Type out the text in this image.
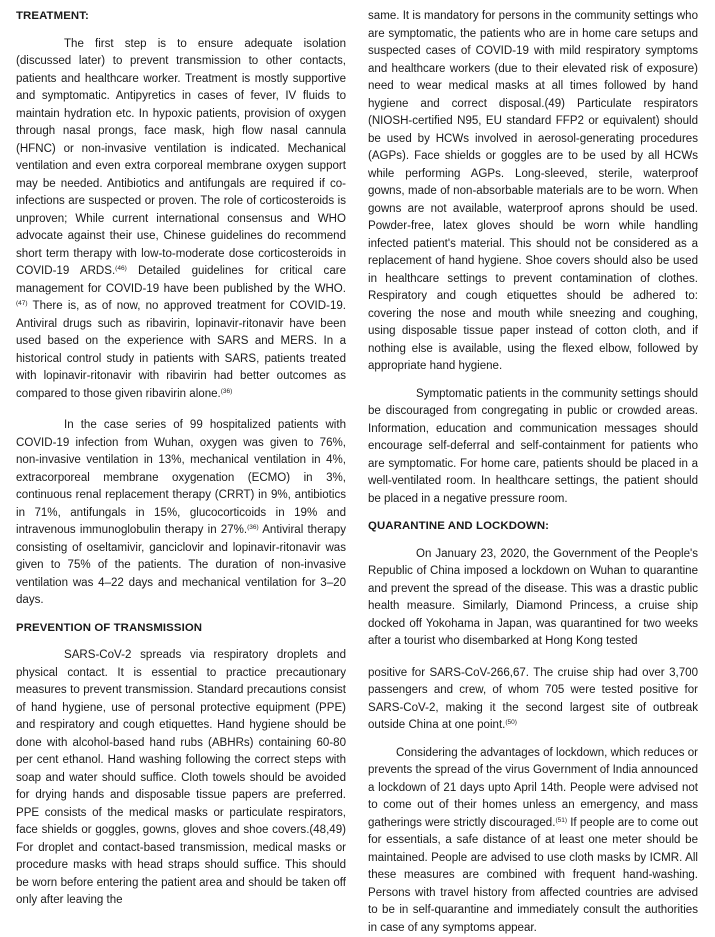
TREATMENT:

The first step is to ensure adequate isolation (discussed later) to prevent transmission to other contacts, patients and healthcare worker. Treatment is mostly supportive and symptomatic. Antipyretics in cases of fever, IV fluids to maintain hydration etc. In hypoxic patients, provision of oxygen through nasal prongs, face mask, high flow nasal cannula (HFNC) or non-invasive ventilation is indicated. Mechanical ventilation and even extra corporeal membrane oxygen support may be needed. Antibiotics and antifungals are required if co-infections are suspected or proven. The role of corticosteroids is unproven; While current international consensus and WHO advocate against their use, Chinese guidelines do recommend short term therapy with low-to-moderate dose corticosteroids in COVID-19 ARDS.$^{(46)}$ Detailed guidelines for critical care management for COVID-19 have been published by the WHO.$^{(47)}$ There is, as of now, no approved treatment for COVID-19. Antiviral drugs such as ribavirin, lopinavir-ritonavir have been used based on the experience with SARS and MERS. In a historical control study in patients with SARS, patients treated with lopinavir-ritonavir with ribavirin had better outcomes as compared to those given ribavirin alone.$^{(36)}$

In the case series of 99 hospitalized patients with COVID-19 infection from Wuhan, oxygen was given to 76%, non-invasive ventilation in 13%, mechanical ventilation in 4%, extracorporeal membrane oxygenation (ECMO) in 3%, continuous renal replacement therapy (CRRT) in 9%, antibiotics in 71%, antifungals in 15%, glucocorticoids in 19% and intravenous immunoglobulin therapy in 27%.$^{(36)}$ Antiviral therapy consisting of oseltamivir, ganciclovir and lopinavir-ritonavir was given to 75% of the patients. The duration of non-invasive ventilation was 4–22 days and mechanical ventilation for 3–20 days.

PREVENTION OF TRANSMISSION

SARS-CoV-2 spreads via respiratory droplets and physical contact. It is essential to practice precautionary measures to prevent transmission. Standard precautions consist of hand hygiene, use of personal protective equipment (PPE) and respiratory and cough etiquettes. Hand hygiene should be done with alcohol-based hand rubs (ABHRs) containing 60-80 per cent ethanol. Hand washing following the correct steps with soap and water should suffice. Cloth towels should be avoided for drying hands and disposable tissue papers are preferred. PPE consists of the medical masks or particulate respirators, face shields or goggles, gowns, gloves and shoe covers.(48,49) For droplet and contact-based transmission, medical masks or procedure masks with head straps should suffice. This should be worn before entering the patient area and should be taken off only after leaving the

same. It is mandatory for persons in the community settings who are symptomatic, the patients who are in home care setups and suspected cases of COVID-19 with mild respiratory symptoms and healthcare workers (due to their elevated risk of exposure) need to wear medical masks at all times followed by hand hygiene and correct disposal.(49) Particulate respirators (NIOSH-certified N95, EU standard FFP2 or equivalent) should be used by HCWs involved in aerosol-generating procedures (AGPs). Face shields or goggles are to be used by all HCWs while performing AGPs. Long-sleeved, sterile, waterproof gowns, made of non-absorbable materials are to be worn. When gowns are not available, waterproof aprons should be used. Powder-free, latex gloves should be worn while handling infected patient's material. This should not be considered as a replacement of hand hygiene. Shoe covers should also be used in healthcare settings to prevent contamination of clothes. Respiratory and cough etiquettes should be adhered to: covering the nose and mouth while sneezing and coughing, using disposable tissue paper instead of cotton cloth, and if nothing else is available, using the flexed elbow, followed by appropriate hand hygiene.

Symptomatic patients in the community settings should be discouraged from congregating in public or crowded areas. Information, education and communication messages should encourage self-deferral and self-containment for patients who are symptomatic. For home care, patients should be placed in a well-ventilated room. In healthcare settings, the patient should be placed in a negative pressure room.

QUARANTINE AND LOCKDOWN:

On January 23, 2020, the Government of the People's Republic of China imposed a lockdown on Wuhan to quarantine and prevent the spread of the disease. This was a drastic public health measure. Similarly, Diamond Princess, a cruise ship docked off Yokohama in Japan, was quarantined for two weeks after a tourist who disembarked at Hong Kong tested

positive for SARS-CoV-266,67. The cruise ship had over 3,700 passengers and crew, of whom 705 were tested positive for SARS-CoV-2, making it the second largest site of outbreak outside China at one point.$^{(50)}$

Considering the advantages of lockdown, which reduces or prevents the spread of the virus Government of India announced a lockdown of 21 days upto April 14th. People were advised not to come out of their homes unless an emergency, and mass gatherings were strictly discouraged.$^{(51)}$ If people are to come out for essentials, a safe distance of at least one meter should be maintained. People are advised to use cloth masks by ICMR. All these measures are combined with frequent hand-washing. Persons with travel history from affected countries are advised to be in self-quarantine and immediately consult the authorities in case of any symptoms appear.
